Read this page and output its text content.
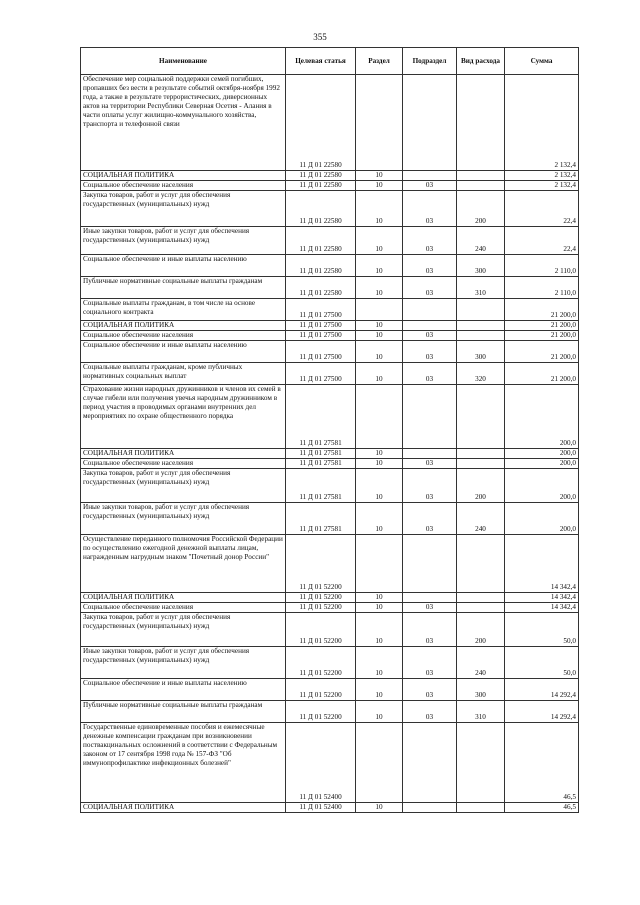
355
Наименование	Целевая статья	Раздел	Подраздел	Вид расхода	Сумма
Обеспечение мер социальной поддержки семей погибших, пропавших без вести в результате событий октября-ноября 1992 года, а также в результате террористических, диверсионных актов на территории Республики Северная Осетия - Алания в части оплаты услуг жилищно-коммунального хозяйства, транспорта и телефонной связи	11 Д 01 22580				2 132,4
СОЦИАЛЬНАЯ ПОЛИТИКА	11 Д 01 22580	10			2 132,4
Социальное обеспечение населения	11 Д 01 22580	10	03		2 132,4
Закупка товаров, работ и услуг для обеспечения государственных (муниципальных) нужд	11 Д 01 22580	10	03	200	22,4
Иные закупки товаров, работ и услуг для обеспечения государственных (муниципальных) нужд	11 Д 01 22580	10	03	240	22,4
Социальное обеспечение и иные выплаты населению	11 Д 01 22580	10	03	300	2 110,0
Публичные нормативные социальные выплаты гражданам	11 Д 01 22580	10	03	310	2 110,0
Социальные выплаты гражданам, в том числе на основе социального контракта	11 Д 01 27500				21 200,0
СОЦИАЛЬНАЯ ПОЛИТИКА	11 Д 01 27500	10			21 200,0
Социальное обеспечение населения	11 Д 01 27500	10	03		21 200,0
Социальное обеспечение и иные выплаты населению	11 Д 01 27500	10	03	300	21 200,0
Социальные выплаты гражданам, кроме публичных нормативных социальных выплат	11 Д 01 27500	10	03	320	21 200,0
Страхование жизни народных дружинников и членов их семей в случае гибели или получения увечья народным дружинником в период участия в проводимых органами внутренних дел мероприятиях по охране общественного порядка	11 Д 01 27581				200,0
СОЦИАЛЬНАЯ ПОЛИТИКА	11 Д 01 27581	10			200,0
Социальное обеспечение населения	11 Д 01 27581	10	03		200,0
Закупка товаров, работ и услуг для обеспечения государственных (муниципальных) нужд	11 Д 01 27581	10	03	200	200,0
Иные закупки товаров, работ и услуг для обеспечения государственных (муниципальных) нужд	11 Д 01 27581	10	03	240	200,0
Осуществление переданного полномочия Российской Федерации по осуществлению ежегодной денежной выплаты лицам, награжденным нагрудным знаком "Почетный донор России"	11 Д 01 52200				14 342,4
СОЦИАЛЬНАЯ ПОЛИТИКА	11 Д 01 52200	10			14 342,4
Социальное обеспечение населения	11 Д 01 52200	10	03		14 342,4
Закупка товаров, работ и услуг для обеспечения государственных (муниципальных) нужд	11 Д 01 52200	10	03	200	50,0
Иные закупки товаров, работ и услуг для обеспечения государственных (муниципальных) нужд	11 Д 01 52200	10	03	240	50,0
Социальное обеспечение и иные выплаты населению	11 Д 01 52200	10	03	300	14 292,4
Публичные нормативные социальные выплаты гражданам	11 Д 01 52200	10	03	310	14 292,4
Государственные единовременные пособия и ежемесячные денежные компенсации гражданам при возникновении поствакцинальных осложнений в соответствии с Федеральным законом от 17 сентября 1998 года № 157-ФЗ "Об иммунопрофилактике инфекционных болезней"	11 Д 01 52400				46,5
СОЦИАЛЬНАЯ ПОЛИТИКА	11 Д 01 52400	10			46,5
